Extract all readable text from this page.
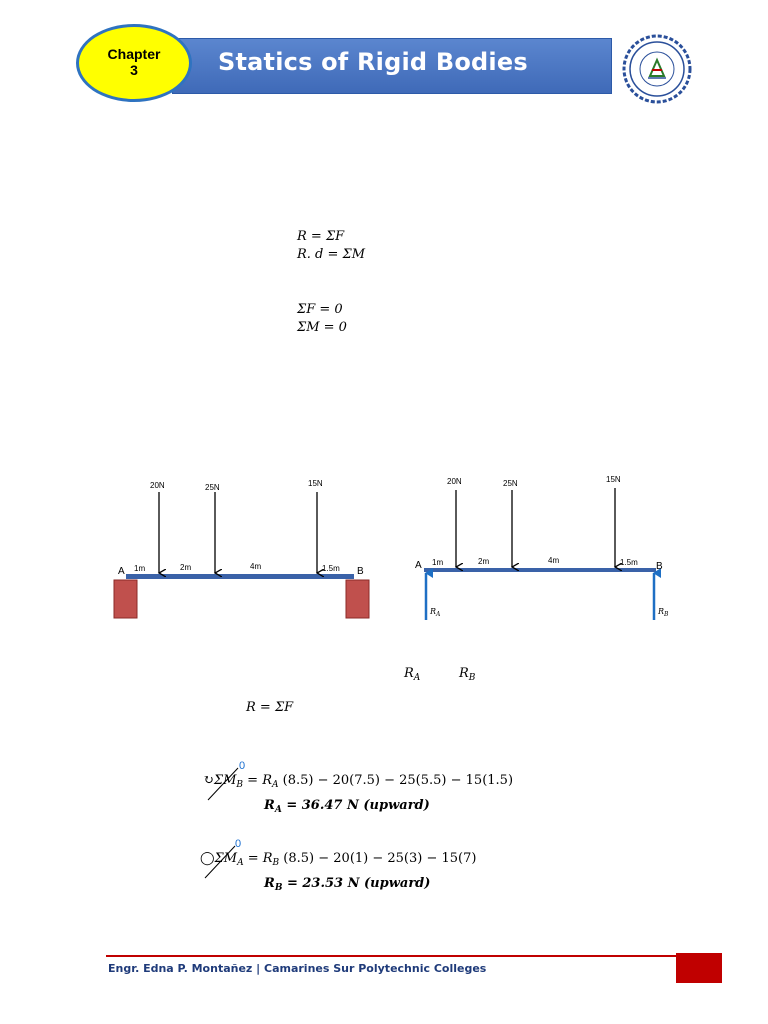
Statics of Rigid Bodies
Chapter
3
R = ΣF
R. d = ΣM
ΣF = 0
ΣM = 0
20N	25N	15N
A	B
1m	2m	4m	1.5m
20N	25N	15N
A	B
1m	2m	4m	1.5m
$R_A$	$R_B$
$R_A$	$R_B$
R = ΣF
0
$↻\Sigma M_B = R_A$ (8.5) − 20(7.5) − 25(5.5) − 15(1.5)
$R_A = 36.47$ N (upward)
0
$◯\Sigma M_A = R_B$ (8.5) − 20(1) − 25(3) − 15(7)
$R_B = 23.53$ N (upward)
Engr. Edna P. Montañez | Camarines Sur Polytechnic Colleges
